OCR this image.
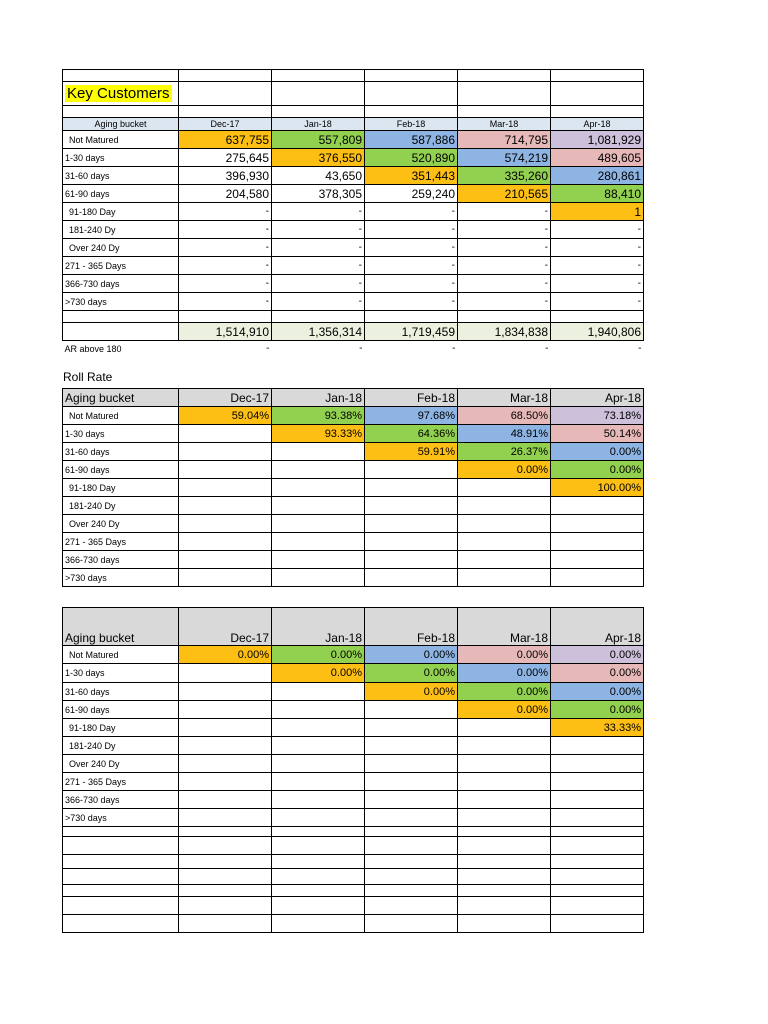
Key Customers					

Aging bucket	Dec-17	Jan-18	Feb-18	Mar-18	Apr-18
Not Matured	637,755	557,809	587,886	714,795	1,081,929
1-30 days	275,645	376,550	520,890	574,219	489,605
31-60 days	396,930	43,650	351,443	335,260	280,861
61-90 days	204,580	378,305	259,240	210,565	88,410
91-180 Day	-	-	-	-	1
181-240 Dy	-	-	-	-	-
Over 240 Dy	-	-	-	-	-
271 - 365 Days	-	-	-	-	-
366-730 days	-	-	-	-	-
>730 days	-	-	-	-	-

	1,514,910	1,356,314	1,719,459	1,834,838	1,940,806
AR above 180	-	-	-	-	-
Roll Rate
Aging bucket	Dec-17	Jan-18	Feb-18	Mar-18	Apr-18
Not Matured	59.04%	93.38%	97.68%	68.50%	73.18%
1-30 days		93.33%	64.36%	48.91%	50.14%
31-60 days			59.91%	26.37%	0.00%
61-90 days				0.00%	0.00%
91-180 Day					100.00%
181-240 Dy					
Over 240 Dy					
271 - 365 Days					
366-730 days					
>730 days					
Aging bucket	Dec-17	Jan-18	Feb-18	Mar-18	Apr-18
Not Matured	0.00%	0.00%	0.00%	0.00%	0.00%
1-30 days		0.00%	0.00%	0.00%	0.00%
31-60 days			0.00%	0.00%	0.00%
61-90 days				0.00%	0.00%
91-180 Day					33.33%
181-240 Dy					
Over 240 Dy					
271 - 365 Days					
366-730 days					
>730 days					
